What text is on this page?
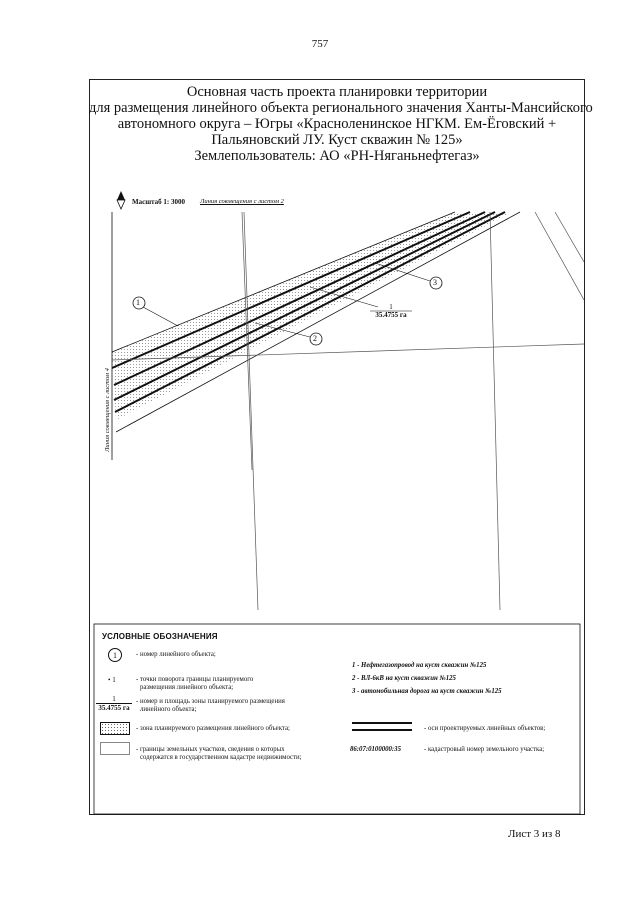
757
Основная часть проекта планировки территории
для размещения линейного объекта регионального значения Ханты-Мансийского
автономного округа – Югры «Красноленинское НГКМ. Ем-Ёговский +
Пальяновский ЛУ. Куст скважин № 125»
Землепользователь: АО «РН-Няганьнефтегаз»
Масштаб 1: 3000 Линия совмещения с листом 2
Линия совмещения с листом 4
1
2
3
1
35.4755 га
УСЛОВНЫЕ ОБОЗНАЧЕНИЯ
1	- номер линейного объекта;
• 1	- точки поворота границы планируемого
размещения линейного объекта;
1
35.4755 га
- номер и площадь зоны планируемого размещения
линейного объекта;
- зона планируемого размещения линейного объекта;
- границы земельных участков, сведения о которых
содержатся в государственном кадастре недвижимости;
1 - Нефтегазопровод на куст скважин №125
2 - ВЛ-6кВ на куст скважин №125
3 - автомобильная дорога на куст скважин №125
- оси проектируемых линейных объектов;
86:07:0100000:35	- кадастровый номер земельного участка;
Лист 3 из 8
